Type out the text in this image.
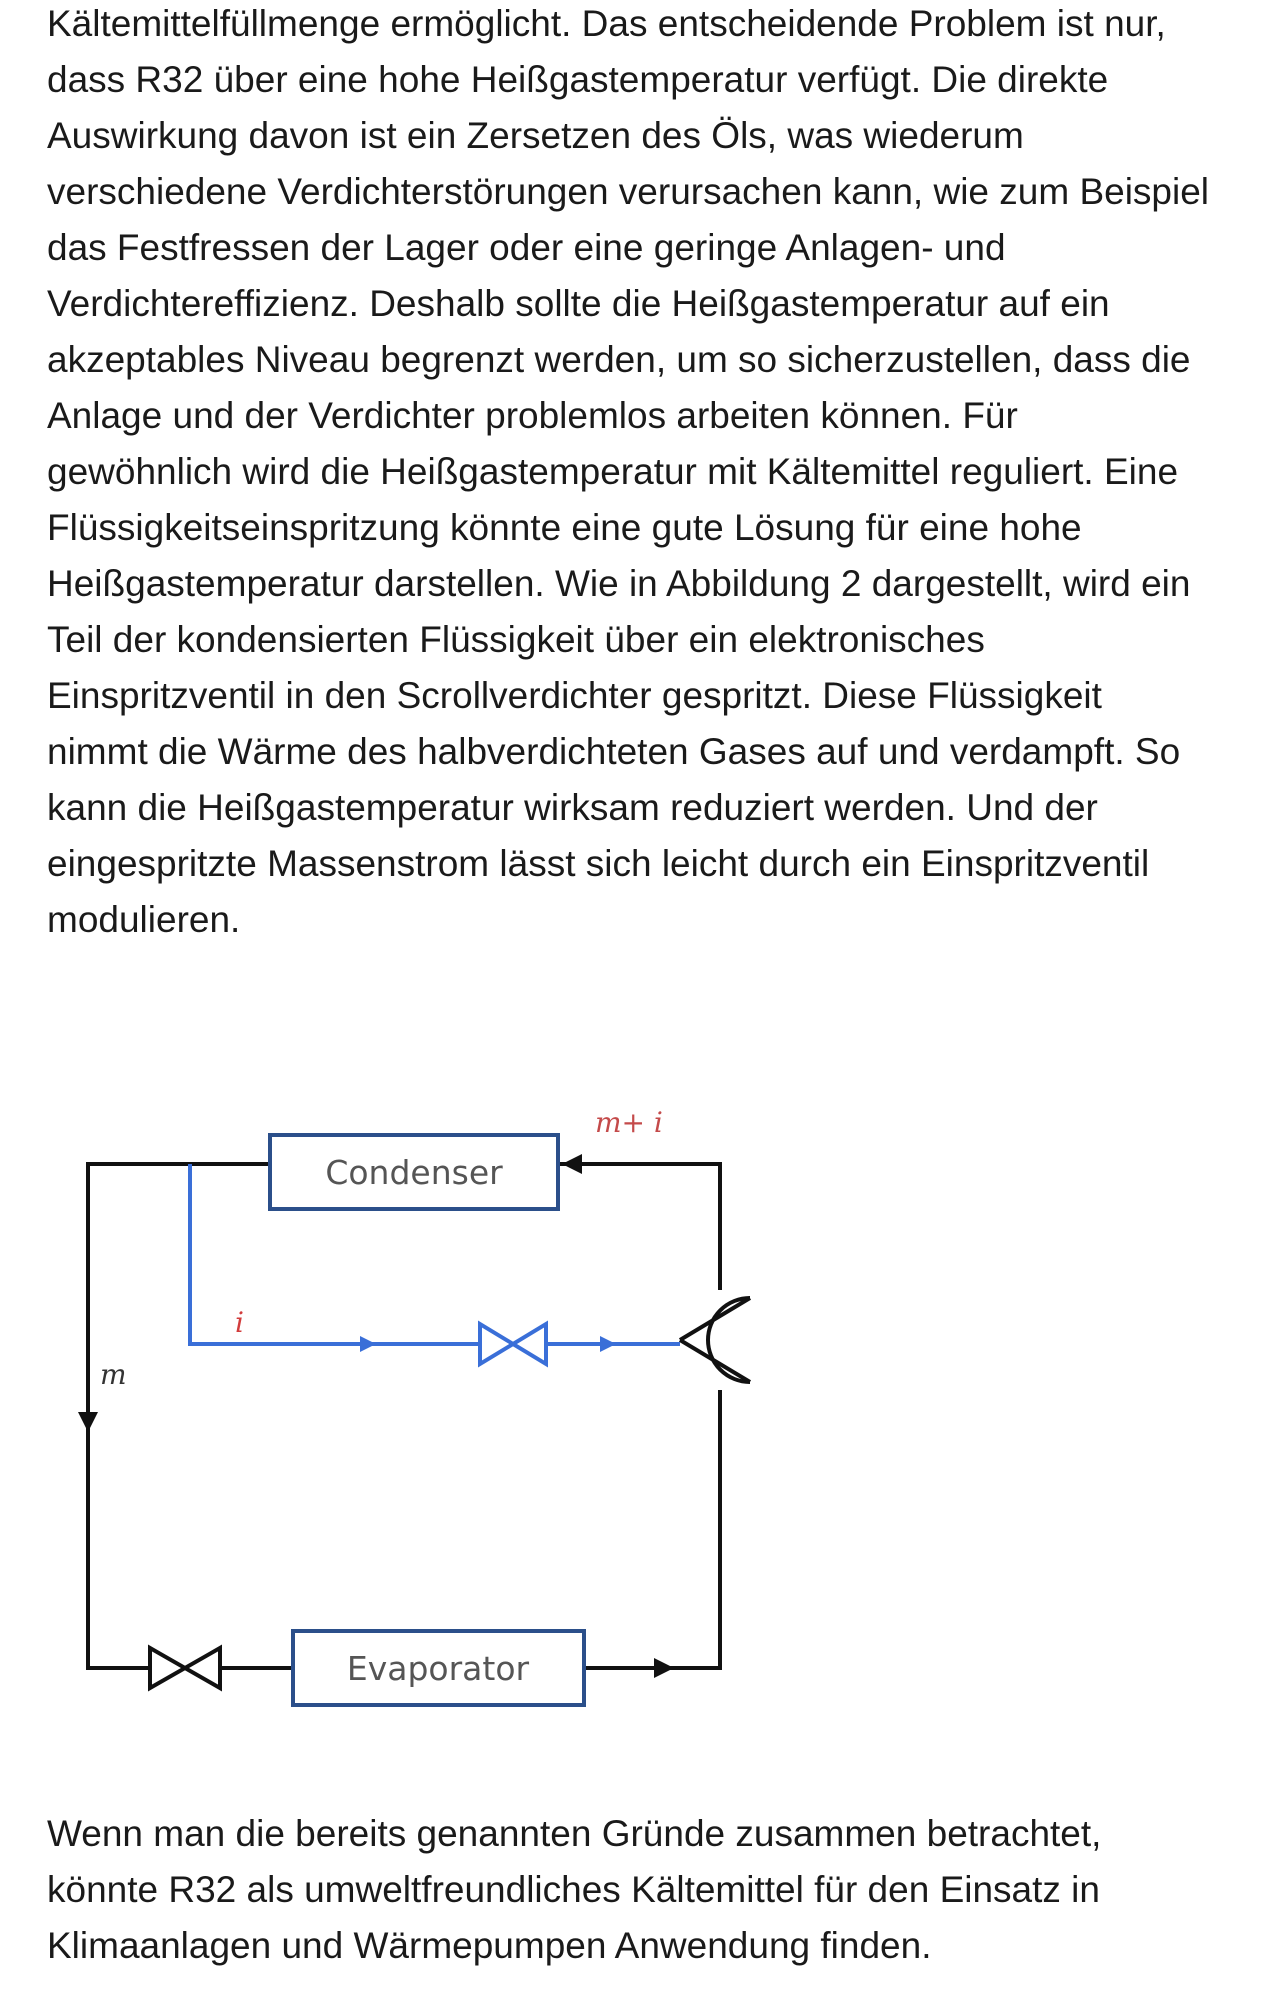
Kältemittelfüllmenge ermöglicht. Das entscheidende Problem ist nur,
dass R32 über eine hohe Heißgastemperatur verfügt. Die direkte
Auswirkung davon ist ein Zersetzen des Öls, was wiederum
verschiedene Verdichterstörungen verursachen kann, wie zum Beispiel
das Festfressen der Lager oder eine geringe Anlagen- und
Verdichtereffizienz. Deshalb sollte die Heißgastemperatur auf ein
akzeptables Niveau begrenzt werden, um so sicherzustellen, dass die
Anlage und der Verdichter problemlos arbeiten können. Für
gewöhnlich wird die Heißgastemperatur mit Kältemittel reguliert. Eine
Flüssigkeitseinspritzung könnte eine gute Lösung für eine hohe
Heißgastemperatur darstellen. Wie in Abbildung 2 dargestellt, wird ein
Teil der kondensierten Flüssigkeit über ein elektronisches
Einspritzventil in den Scrollverdichter gespritzt. Diese Flüssigkeit
nimmt die Wärme des halbverdichteten Gases auf und verdampft. So
kann die Heißgastemperatur wirksam reduziert werden. Und der
eingespritzte Massenstrom lässt sich leicht durch ein Einspritzventil
modulieren.

Condenser
Evaporator
m
i
m+ i

Wenn man die bereits genannten Gründe zusammen betrachtet,
könnte R32 als umweltfreundliches Kältemittel für den Einsatz in
Klimaanlagen und Wärmepumpen Anwendung finden.
